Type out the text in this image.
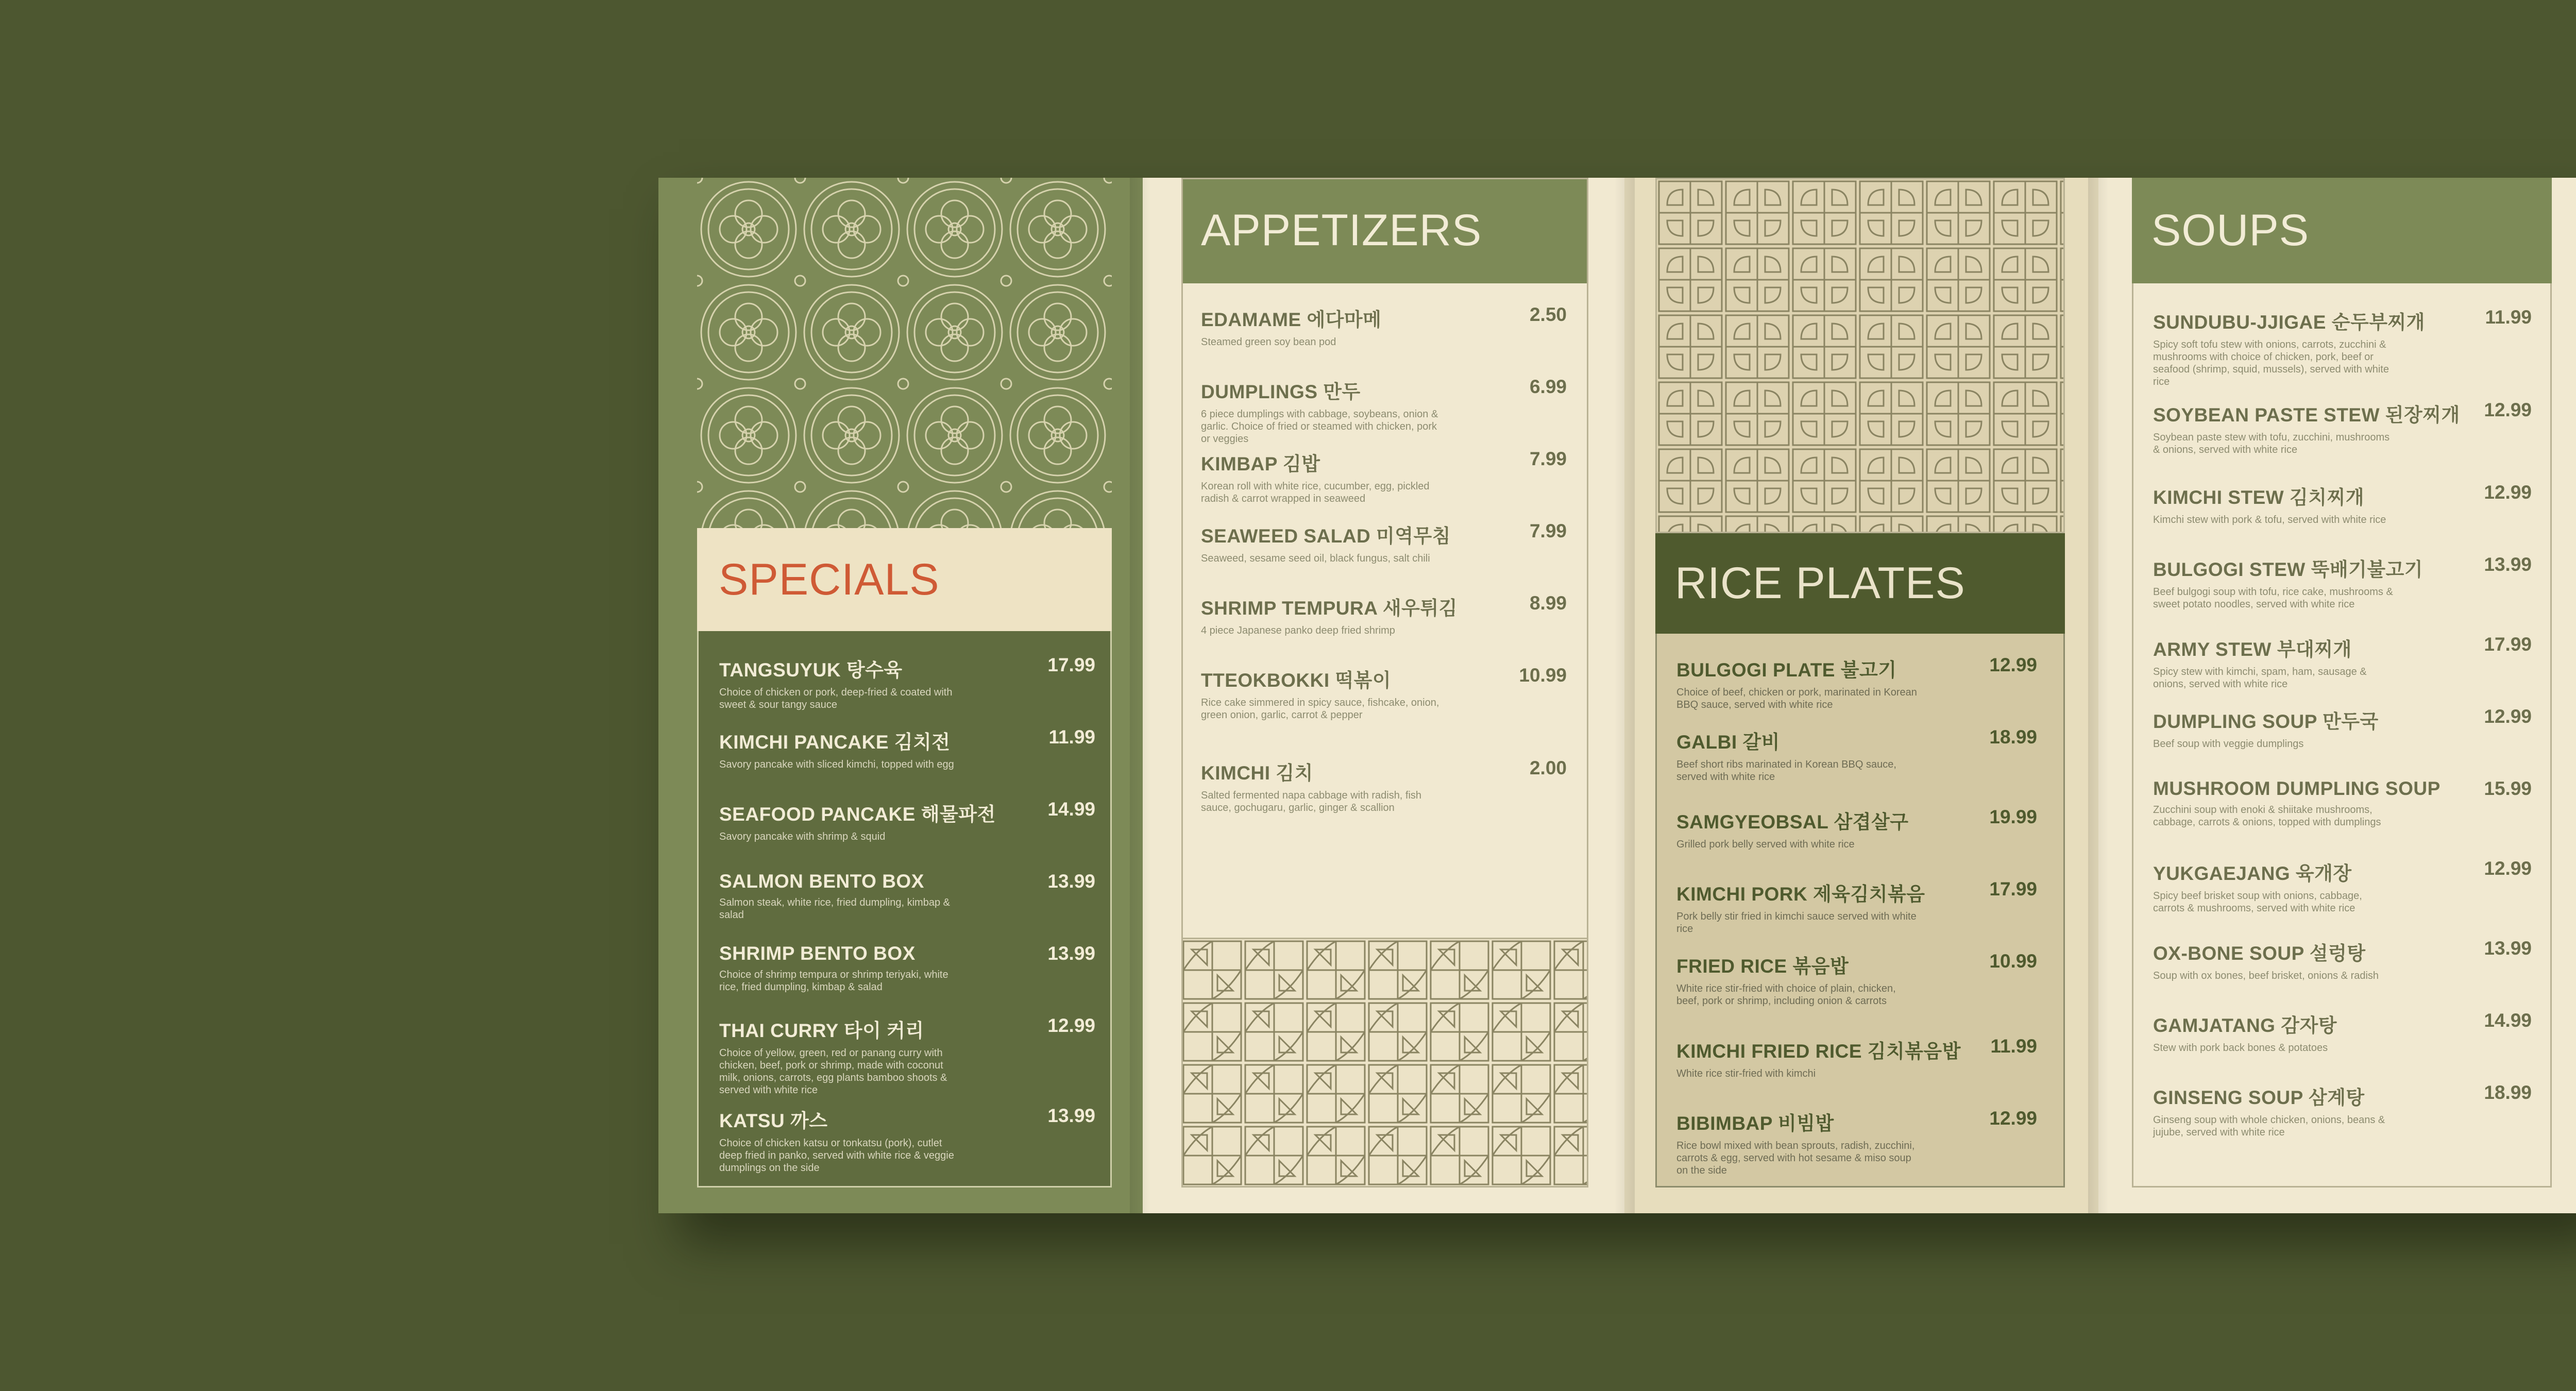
SPECIALS
TANGSUYUK 탕수육	17.99
Choice of chicken or pork, deep-fried & coated with sweet & sour tangy sauce
KIMCHI PANCAKE 김치전	11.99
Savory pancake with sliced kimchi, topped with egg
SEAFOOD PANCAKE 해물파전	14.99
Savory pancake with shrimp & squid
SALMON BENTO BOX	13.99
Salmon steak, white rice, fried dumpling, kimbap & salad
SHRIMP BENTO BOX	13.99
Choice of shrimp tempura or shrimp teriyaki, white rice, fried dumpling, kimbap & salad
THAI CURRY 타이 커리	12.99
Choice of yellow, green, red or panang curry with chicken, beef, pork or shrimp, made with coconut milk, onions, carrots, egg plants bamboo shoots & served with white rice
KATSU 까스	13.99
Choice of chicken katsu or tonkatsu (pork), cutlet deep fried in panko, served with white rice & veggie dumplings on the side
APPETIZERS
EDAMAME 에다마메	2.50
Steamed green soy bean pod
DUMPLINGS 만두	6.99
6 piece dumplings with cabbage, soybeans, onion & garlic. Choice of fried or steamed with chicken, pork or veggies
KIMBAP 김밥	7.99
Korean roll with white rice, cucumber, egg, pickled radish & carrot wrapped in seaweed
SEAWEED SALAD 미역무침	7.99
Seaweed, sesame seed oil, black fungus, salt chili
SHRIMP TEMPURA 새우튀김	8.99
4 piece Japanese panko deep fried shrimp
TTEOKBOKKI 떡볶이	10.99
Rice cake simmered in spicy sauce, fishcake, onion, green onion, garlic, carrot & pepper
KIMCHI 김치	2.00
Salted fermented napa cabbage with radish, fish sauce, gochugaru, garlic, ginger & scallion
RICE PLATES
BULGOGI PLATE 불고기	12.99
Choice of beef, chicken or pork, marinated in Korean BBQ sauce, served with white rice
GALBI 갈비	18.99
Beef short ribs marinated in Korean BBQ sauce, served with white rice
SAMGYEOBSAL 삼겹살구	19.99
Grilled pork belly served with white rice
KIMCHI PORK 제육김치볶음	17.99
Pork belly stir fried in kimchi sauce served with white rice
FRIED RICE 볶음밥	10.99
White rice stir-fried with choice of plain, chicken, beef, pork or shrimp, including onion & carrots
KIMCHI FRIED RICE 김치볶음밥	11.99
White rice stir-fried with kimchi
BIBIMBAP 비빔밥	12.99
Rice bowl mixed with bean sprouts, radish, zucchini, carrots & egg, served with hot sesame & miso soup on the side
SOUPS
SUNDUBU-JJIGAE 순두부찌개	11.99
Spicy soft tofu stew with onions, carrots, zucchini & mushrooms with choice of chicken, pork, beef or seafood (shrimp, squid, mussels), served with white rice
SOYBEAN PASTE STEW 된장찌개	12.99
Soybean paste stew with tofu, zucchini, mushrooms & onions, served with white rice
KIMCHI STEW 김치찌개	12.99
Kimchi stew with pork & tofu, served with white rice
BULGOGI STEW 뚝배기불고기	13.99
Beef bulgogi soup with tofu, rice cake, mushrooms & sweet potato noodles, served with white rice
ARMY STEW 부대찌개	17.99
Spicy stew with kimchi, spam, ham, sausage & onions, served with white rice
DUMPLING SOUP 만두국	12.99
Beef soup with veggie dumplings
MUSHROOM DUMPLING SOUP	15.99
Zucchini soup with enoki & shiitake mushrooms, cabbage, carrots & onions, topped with dumplings
YUKGAEJANG 육개장	12.99
Spicy beef brisket soup with onions, cabbage, carrots & mushrooms, served with white rice
OX-BONE SOUP 설렁탕	13.99
Soup with ox bones, beef brisket, onions & radish
GAMJATANG 감자탕	14.99
Stew with pork back bones & potatoes
GINSENG SOUP 삼계탕	18.99
Ginseng soup with whole chicken, onions, beans & jujube, served with white rice
